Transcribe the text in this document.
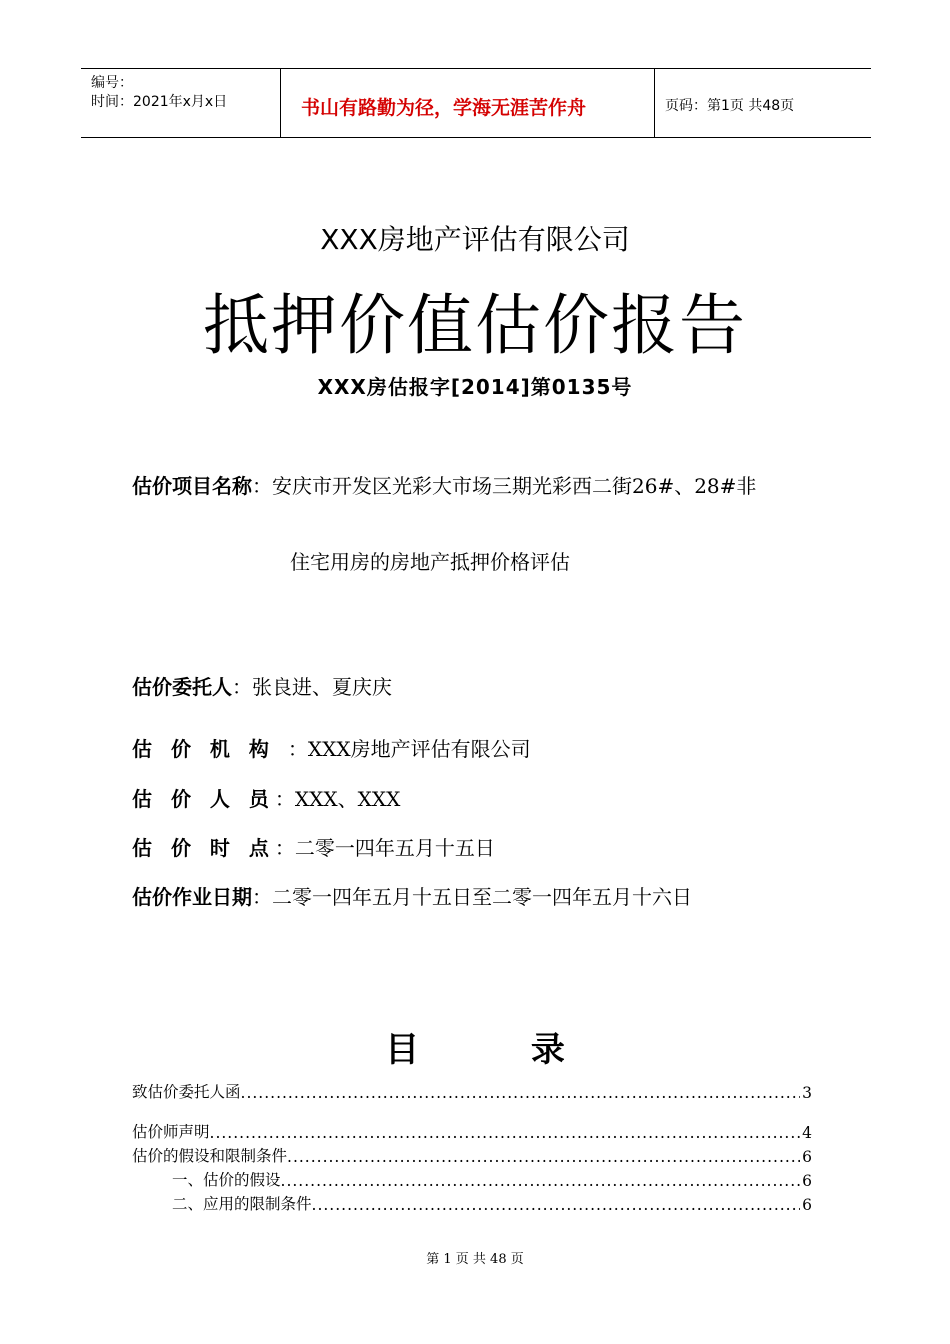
编号：
时间：2021年x月x日	书山有路勤为径，学海无涯苦作舟	页码：第1页 共48页
XXX房地产评估有限公司
抵押价值估价报告
XXX房估报字[2014]第0135号
估价项目名称：安庆市开发区光彩大市场三期光彩西二街26#、28#非
住宅用房的房地产抵押价格评估
估价委托人：张良进、夏庆庆
估 价 机 构 ：XXX房地产评估有限公司
估 价 人 员：XXX、XXX
估 价 时 点：二零一四年五月十五日
估价作业日期：二零一四年五月十五日至二零一四年五月十六日
目 录
致估价委托人函 .....	3
估价师声明 .....	4
估价的假设和限制条件 .....	6
一、估价的假设 .....	6
二、应用的限制条件 .....	6
第 1 页 共 48 页
